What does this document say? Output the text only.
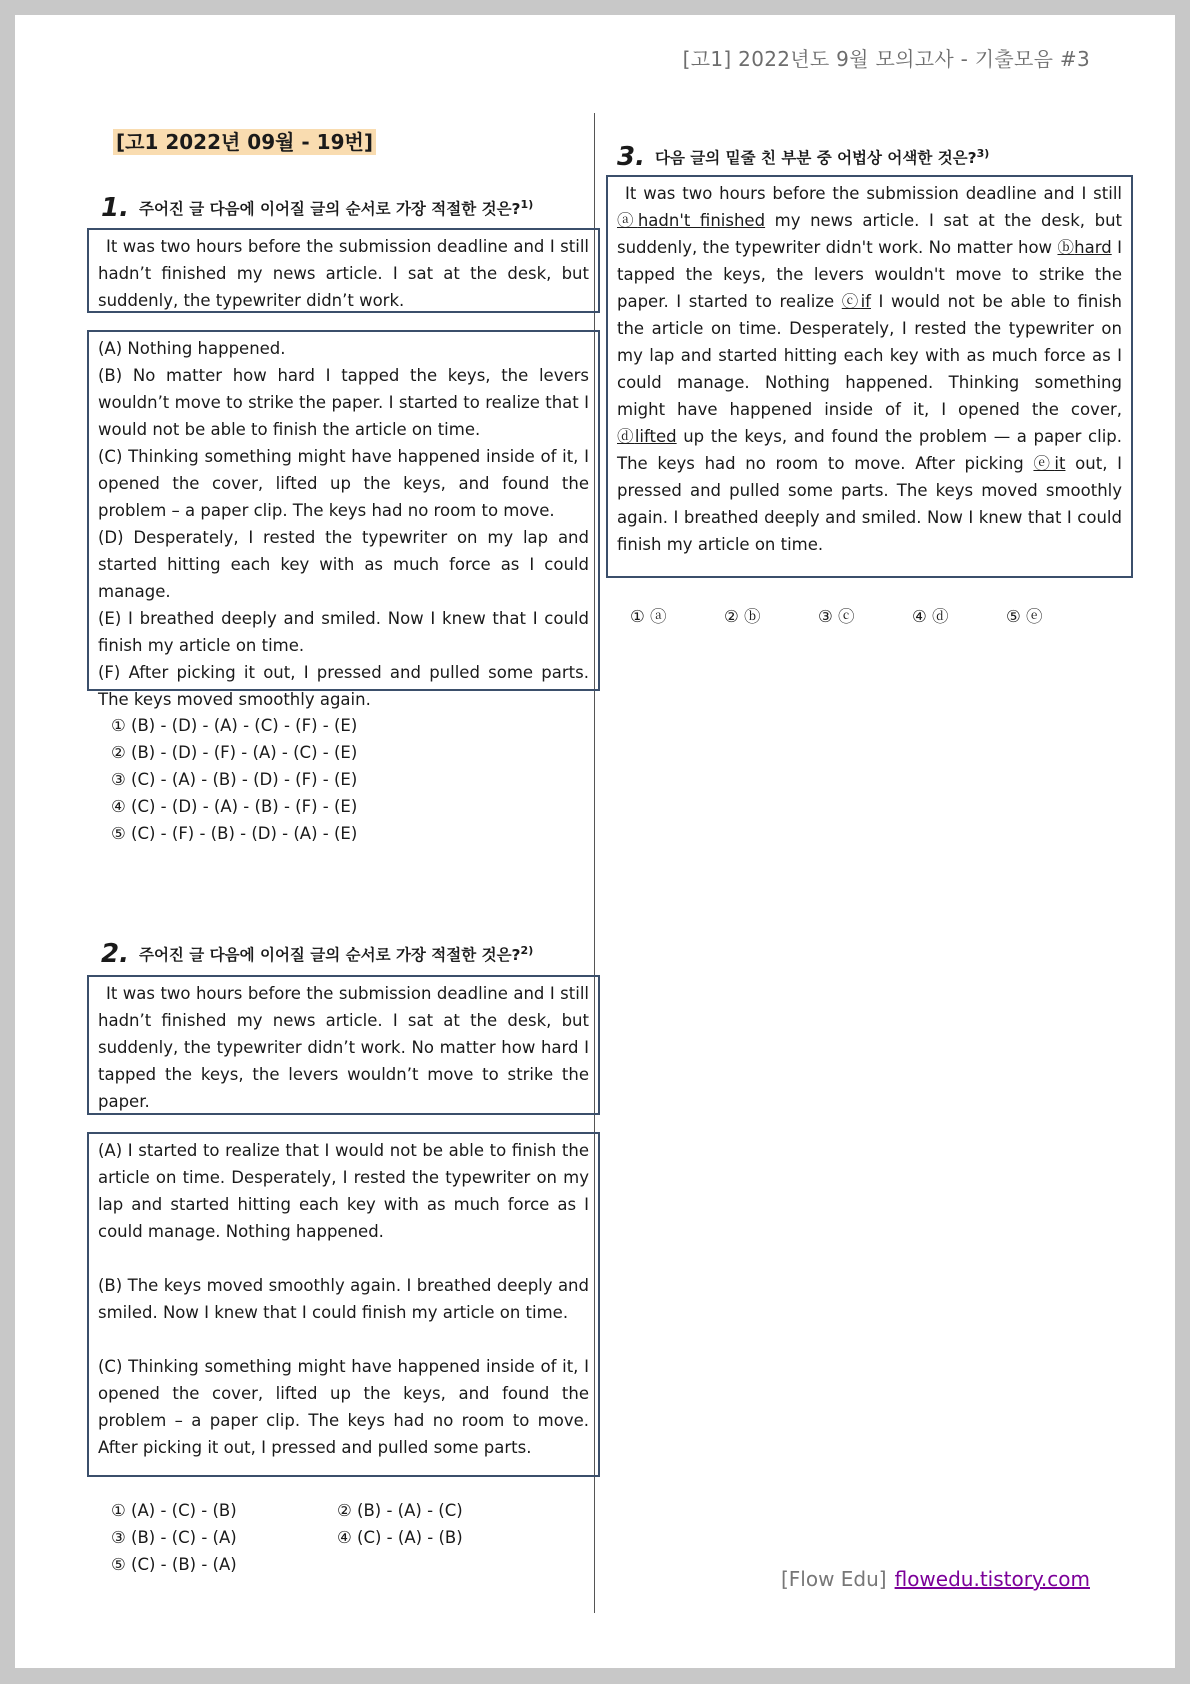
[고1] 2022년도 9월 모의고사 - 기출모음 #3
[고1 2022년 09월 - 19번]
1. 주어진 글 다음에 이어질 글의 순서로 가장 적절한 것은?$^{1)}$

It was two hours before the submission deadline and I still hadn’t finished my news article. I sat at the desk, but suddenly, the typewriter didn’t work.

(A) Nothing happened.

(B) No matter how hard I tapped the keys, the levers wouldn’t move to strike the paper. I started to realize that I would not be able to finish the article on time.

(C) Thinking something might have happened inside of it, I opened the cover, lifted up the keys, and found the problem – a paper clip. The keys had no room to move.

(D) Desperately, I rested the typewriter on my lap and started hitting each key with as much force as I could manage.

(E) I breathed deeply and smiled. Now I knew that I could finish my article on time.

(F) After picking it out, I pressed and pulled some parts. The keys moved smoothly again.

① (B) - (D) - (A) - (C) - (F) - (E)
② (B) - (D) - (F) - (A) - (C) - (E)
③ (C) - (A) - (B) - (D) - (F) - (E)
④ (C) - (D) - (A) - (B) - (F) - (E)
⑤ (C) - (F) - (B) - (D) - (A) - (E)
2. 주어진 글 다음에 이어질 글의 순서로 가장 적절한 것은?$^{2)}$

It was two hours before the submission deadline and I still hadn’t finished my news article. I sat at the desk, but suddenly, the typewriter didn’t work. No matter how hard I tapped the keys, the levers wouldn’t move to strike the paper.

(A) I started to realize that I would not be able to finish the article on time. Desperately, I rested the typewriter on my lap and started hitting each key with as much force as I could manage. Nothing happened.

(B) The keys moved smoothly again. I breathed deeply and smiled. Now I knew that I could finish my article on time.

(C) Thinking something might have happened inside of it, I opened the cover, lifted up the keys, and found the problem – a paper clip. The keys had no room to move. After picking it out, I pressed and pulled some parts.

① (A) - (C) - (B)	② (B) - (A) - (C)
③ (B) - (C) - (A)	④ (C) - (A) - (B)
⑤ (C) - (B) - (A)
3. 다음 글의 밑줄 친 부분 중 어법상 어색한 것은?$^{3)}$

It was two hours before the submission deadline and I still ⓐhadn't finished my news article. I sat at the desk, but suddenly, the typewriter didn't work. No matter how ⓑhard I tapped the keys, the levers wouldn't move to strike the paper. I started to realize ⓒif I would not be able to finish the article on time. Desperately, I rested the typewriter on my lap and started hitting each key with as much force as I could manage. Nothing happened. Thinking something might have happened inside of it, I opened the cover, ⓓlifted up the keys, and found the problem — a paper clip. The keys had no room to move. After picking ⓔit out, I pressed and pulled some parts. The keys moved smoothly again. I breathed deeply and smiled. Now I knew that I could finish my article on time.

① ⓐ	② ⓑ	③ ⓒ	④ ⓓ	⑤ ⓔ
[Flow Edu] flowedu.tistory.com
